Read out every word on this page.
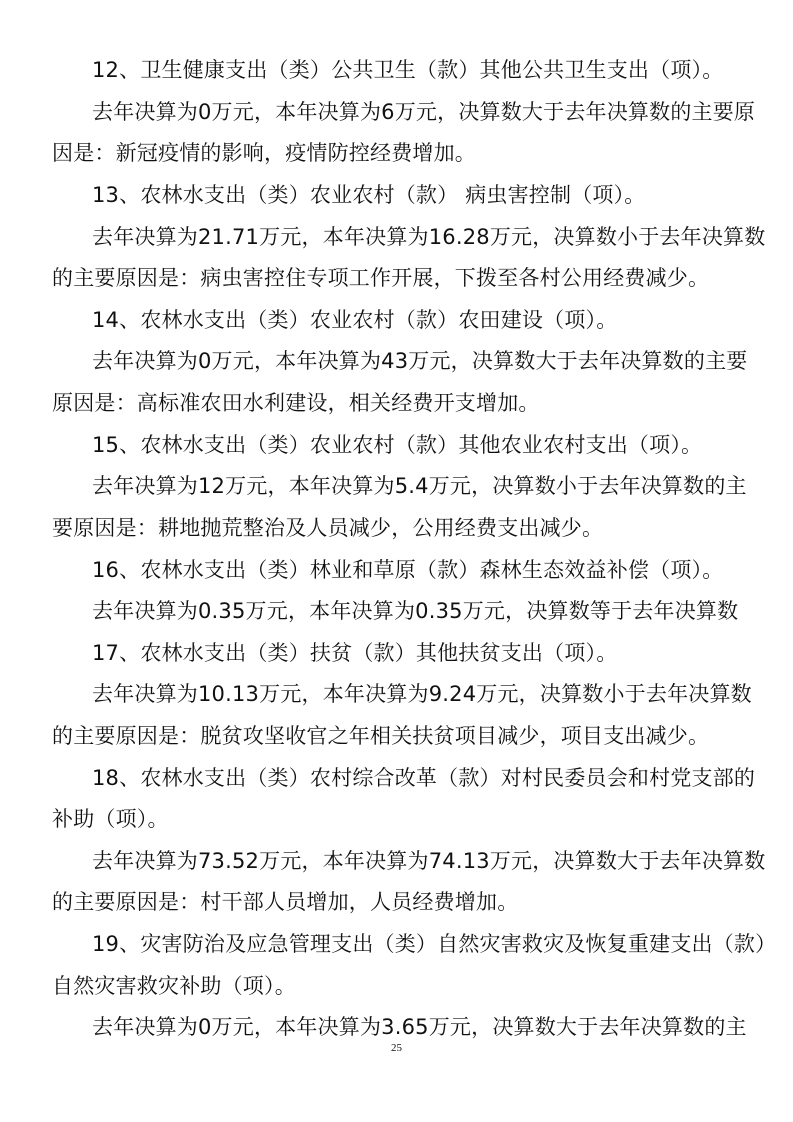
12、卫生健康支出（类）公共卫生（款）其他公共卫生支出（项）。
去年决算为0万元，本年决算为6万元，决算数大于去年决算数的主要原
因是：新冠疫情的影响，疫情防控经费增加。
13、农林水支出（类）农业农村（款） 病虫害控制（项）。
去年决算为21.71万元，本年决算为16.28万元，决算数小于去年决算数
的主要原因是：病虫害控住专项工作开展，下拨至各村公用经费减少。
14、农林水支出（类）农业农村（款）农田建设（项）。
去年决算为0万元，本年决算为43万元，决算数大于去年决算数的主要
原因是：高标准农田水利建设，相关经费开支增加。
15、农林水支出（类）农业农村（款）其他农业农村支出（项）。
去年决算为12万元，本年决算为5.4万元，决算数小于去年决算数的主
要原因是：耕地抛荒整治及人员减少，公用经费支出减少。
16、农林水支出（类）林业和草原（款）森林生态效益补偿（项）。
去年决算为0.35万元，本年决算为0.35万元，决算数等于去年决算数
17、农林水支出（类）扶贫（款）其他扶贫支出（项）。
去年决算为10.13万元，本年决算为9.24万元，决算数小于去年决算数
的主要原因是：脱贫攻坚收官之年相关扶贫项目减少，项目支出减少。
18、农林水支出（类）农村综合改革（款）对村民委员会和村党支部的
补助（项）。
去年决算为73.52万元，本年决算为74.13万元，决算数大于去年决算数
的主要原因是：村干部人员增加，人员经费增加。
19、灾害防治及应急管理支出（类）自然灾害救灾及恢复重建支出（款）
自然灾害救灾补助（项）。
去年决算为0万元，本年决算为3.65万元，决算数大于去年决算数的主
25
